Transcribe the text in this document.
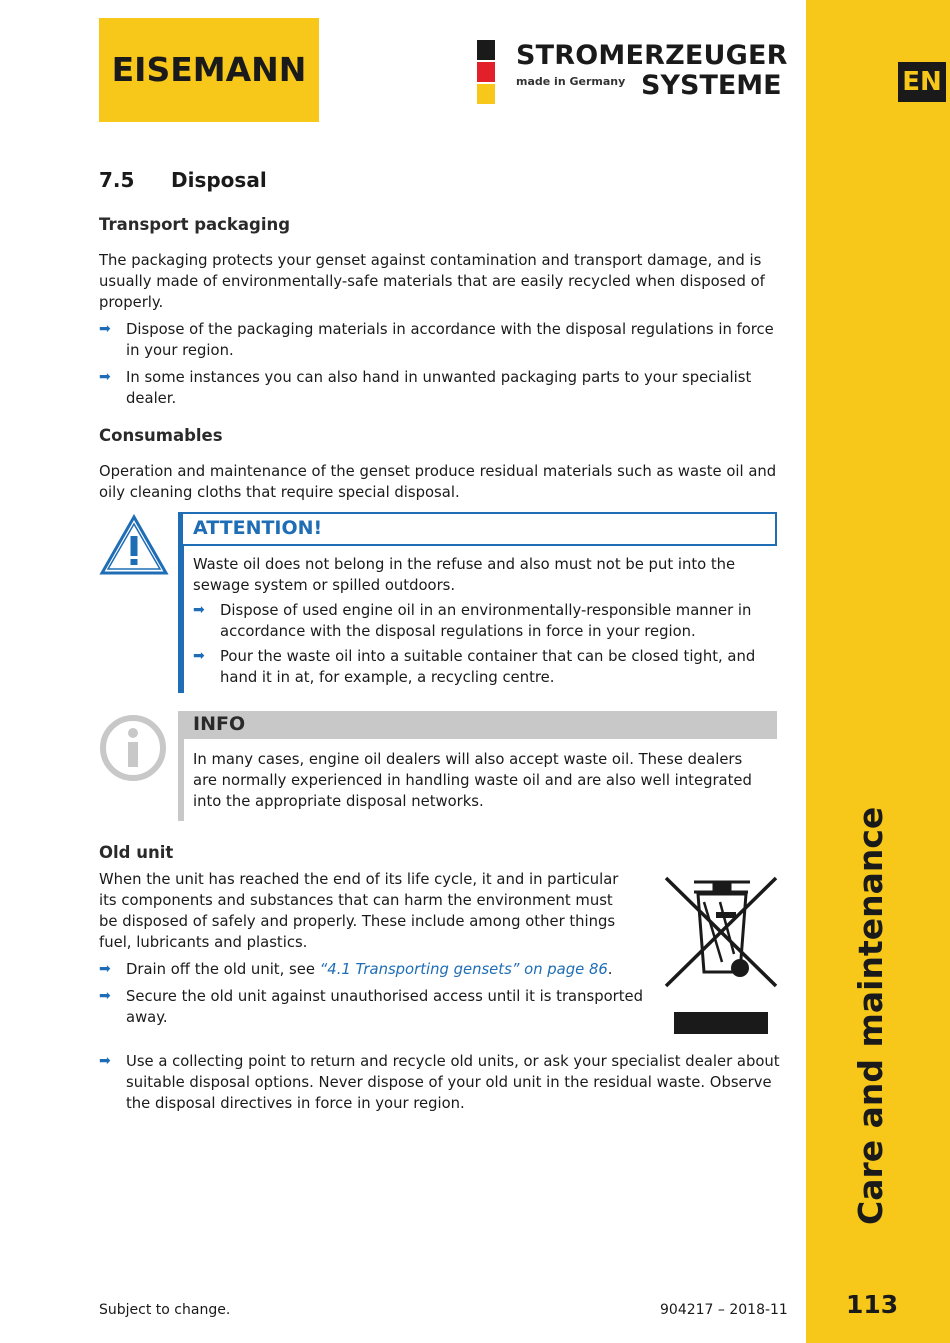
EN
Care and maintenance
113
EISEMANN	STROMERZEUGER
made in Germany SYSTEME
7.5 Disposal
Transport packaging
The packaging protects your genset against contamination and transport damage, and is usually made of environmentally-safe materials that are easily recycled when disposed of properly.
➡ Dispose of the packaging materials in accordance with the disposal regulations in force in your region.
➡ In some instances you can also hand in unwanted packaging parts to your specialist dealer.
Consumables
Operation and maintenance of the genset produce residual materials such as waste oil and oily cleaning cloths that require special disposal.
ATTENTION!
Waste oil does not belong in the refuse and also must not be put into the sewage system or spilled outdoors.
➡ Dispose of used engine oil in an environmentally-responsible manner in accordance with the disposal regulations in force in your region.
➡ Pour the waste oil into a suitable container that can be closed tight, and hand it in at, for example, a recycling centre.
INFO
In many cases, engine oil dealers will also accept waste oil. These dealers are normally experienced in handling waste oil and are also well integrated into the appropriate disposal networks.
Old unit
When the unit has reached the end of its life cycle, it and in particular its components and substances that can harm the environment must be disposed of safely and properly. These include among other things fuel, lubricants and plastics.
➡ Drain off the old unit, see “4.1 Transporting gensets” on page 86.
➡ Secure the old unit against unauthorised access until it is transported away.
➡ Use a collecting point to return and recycle old units, or ask your specialist dealer about suitable disposal options. Never dispose of your old unit in the residual waste. Observe the disposal directives in force in your region.
Subject to change.	904217 – 2018-11
